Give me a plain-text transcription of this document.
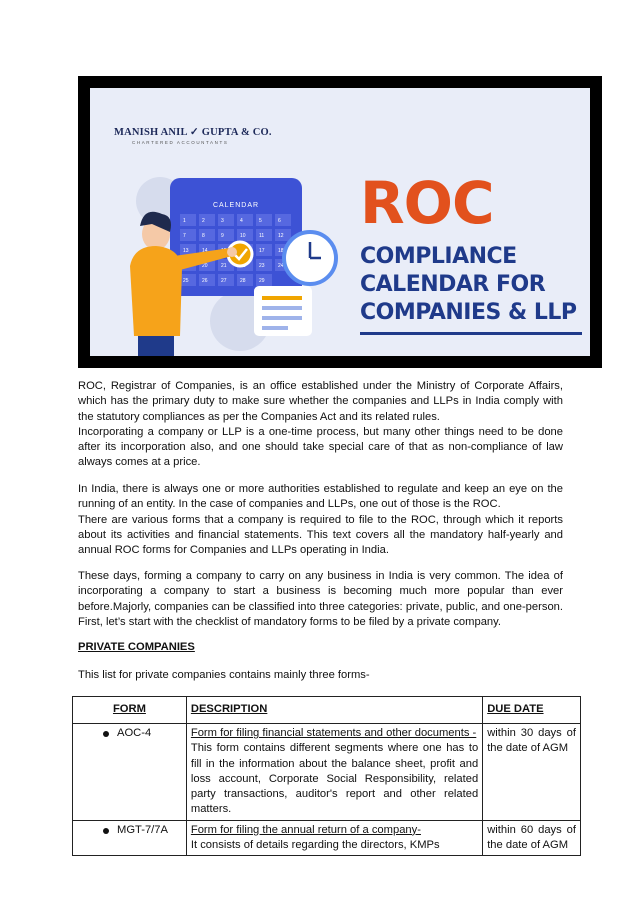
MANISH ANIL ✓ GUPTA & CO.
CHARTERED ACCOUNTANTS
CALENDAR
1	2	3	4	5	6
7	8	9	10	11	12
13	14	17	18
20	21	23	24
25	26	27	28	29
ROC
COMPLIANCE
CALENDAR FOR
COMPANIES & LLP
ROC, Registrar of Companies, is an office established under the Ministry of Corporate Affairs, which has the primary duty to make sure whether the companies and LLPs in India comply with the statutory compliances as per the Companies Act and its related rules.
Incorporating a company or LLP is a one-time process, but many other things need to be done after its incorporation also, and one should take special care of that as non-compliance of law always comes at a price.
In India, there is always one or more authorities established to regulate and keep an eye on the running of an entity. In the case of companies and LLPs, one out of those is the ROC.
There are various forms that a company is required to file to the ROC, through which it reports about its activities and financial statements. This text covers all the mandatory half-yearly and annual ROC forms for Companies and LLPs operating in India.
These days, forming a company to carry on any business in India is very common. The idea of incorporating a company to start a business is becoming much more popular than ever before.Majorly, companies can be classified into three categories: private, public, and one-person. First, let’s start with the checklist of mandatory forms to be filed by a private company.
PRIVATE COMPANIES
This list for private companies contains mainly three forms-
FORM	DESCRIPTION	DUE DATE

AOC-4	Form for filing financial statements and other documents -
This form contains different segments where one has to fill in the information about the balance sheet, profit and loss account, Corporate Social Responsibility, related party transactions, auditor's report and other related matters.	within 30 days of the date of AGM

MGT-7/7A	Form for filing the annual return of a company-
It consists of details regarding the directors, KMPs	within 60 days of the date of AGM
